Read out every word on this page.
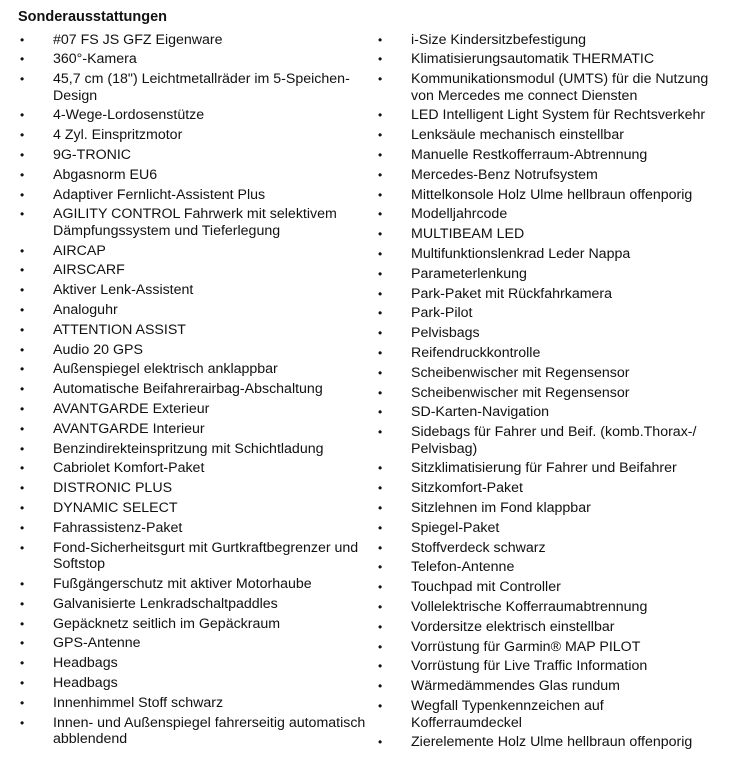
Sonderausstattungen
•	#07 FS JS GFZ Eigenware
•	360°-Kamera
•	45,7 cm (18") Leichtmetallräder im 5-Speichen-Design
•	4-Wege-Lordosenstütze
•	4 Zyl. Einspritzmotor
•	9G-TRONIC
•	Abgasnorm EU6
•	Adaptiver Fernlicht-Assistent Plus
•	AGILITY CONTROL Fahrwerk mit selektivem Dämpfungssystem und Tieferlegung
•	AIRCAP
•	AIRSCARF
•	Aktiver Lenk-Assistent
•	Analoguhr
•	ATTENTION ASSIST
•	Audio 20 GPS
•	Außenspiegel elektrisch anklappbar
•	Automatische Beifahrerairbag-Abschaltung
•	AVANTGARDE Exterieur
•	AVANTGARDE Interieur
•	Benzindirekteinspritzung mit Schichtladung
•	Cabriolet Komfort-Paket
•	DISTRONIC PLUS
•	DYNAMIC SELECT
•	Fahrassistenz-Paket
•	Fond-Sicherheitsgurt mit Gurtkraftbegrenzer und Softstop
•	Fußgängerschutz mit aktiver Motorhaube
•	Galvanisierte Lenkradschaltpaddles
•	Gepäcknetz seitlich im Gepäckraum
•	GPS-Antenne
•	Headbags
•	Headbags
•	Innenhimmel Stoff schwarz
•	Innen- und Außenspiegel fahrerseitig automatisch abblendend
•	i-Size Kindersitzbefestigung
•	Klimatisierungsautomatik THERMATIC
•	Kommunikationsmodul (UMTS) für die Nutzung von Mercedes me connect Diensten
•	LED Intelligent Light System für Rechtsverkehr
•	Lenksäule mechanisch einstellbar
•	Manuelle Restkofferraum-Abtrennung
•	Mercedes-Benz Notrufsystem
•	Mittelkonsole Holz Ulme hellbraun offenporig
•	Modelljahrcode
•	MULTIBEAM LED
•	Multifunktionslenkrad Leder Nappa
•	Parameterlenkung
•	Park-Paket mit Rückfahrkamera
•	Park-Pilot
•	Pelvisbags
•	Reifendruckkontrolle
•	Scheibenwischer mit Regensensor
•	Scheibenwischer mit Regensensor
•	SD-Karten-Navigation
•	Sidebags für Fahrer und Beif. (komb.Thorax-/ Pelvisbag)
•	Sitzklimatisierung für Fahrer und Beifahrer
•	Sitzkomfort-Paket
•	Sitzlehnen im Fond klappbar
•	Spiegel-Paket
•	Stoffverdeck schwarz
•	Telefon-Antenne
•	Touchpad mit Controller
•	Vollelektrische Kofferraumabtrennung
•	Vordersitze elektrisch einstellbar
•	Vorrüstung für Garmin® MAP PILOT
•	Vorrüstung für Live Traffic Information
•	Wärmedämmendes Glas rundum
•	Wegfall Typenkennzeichen auf Kofferraumdeckel
•	Zierelemente Holz Ulme hellbraun offenporig
